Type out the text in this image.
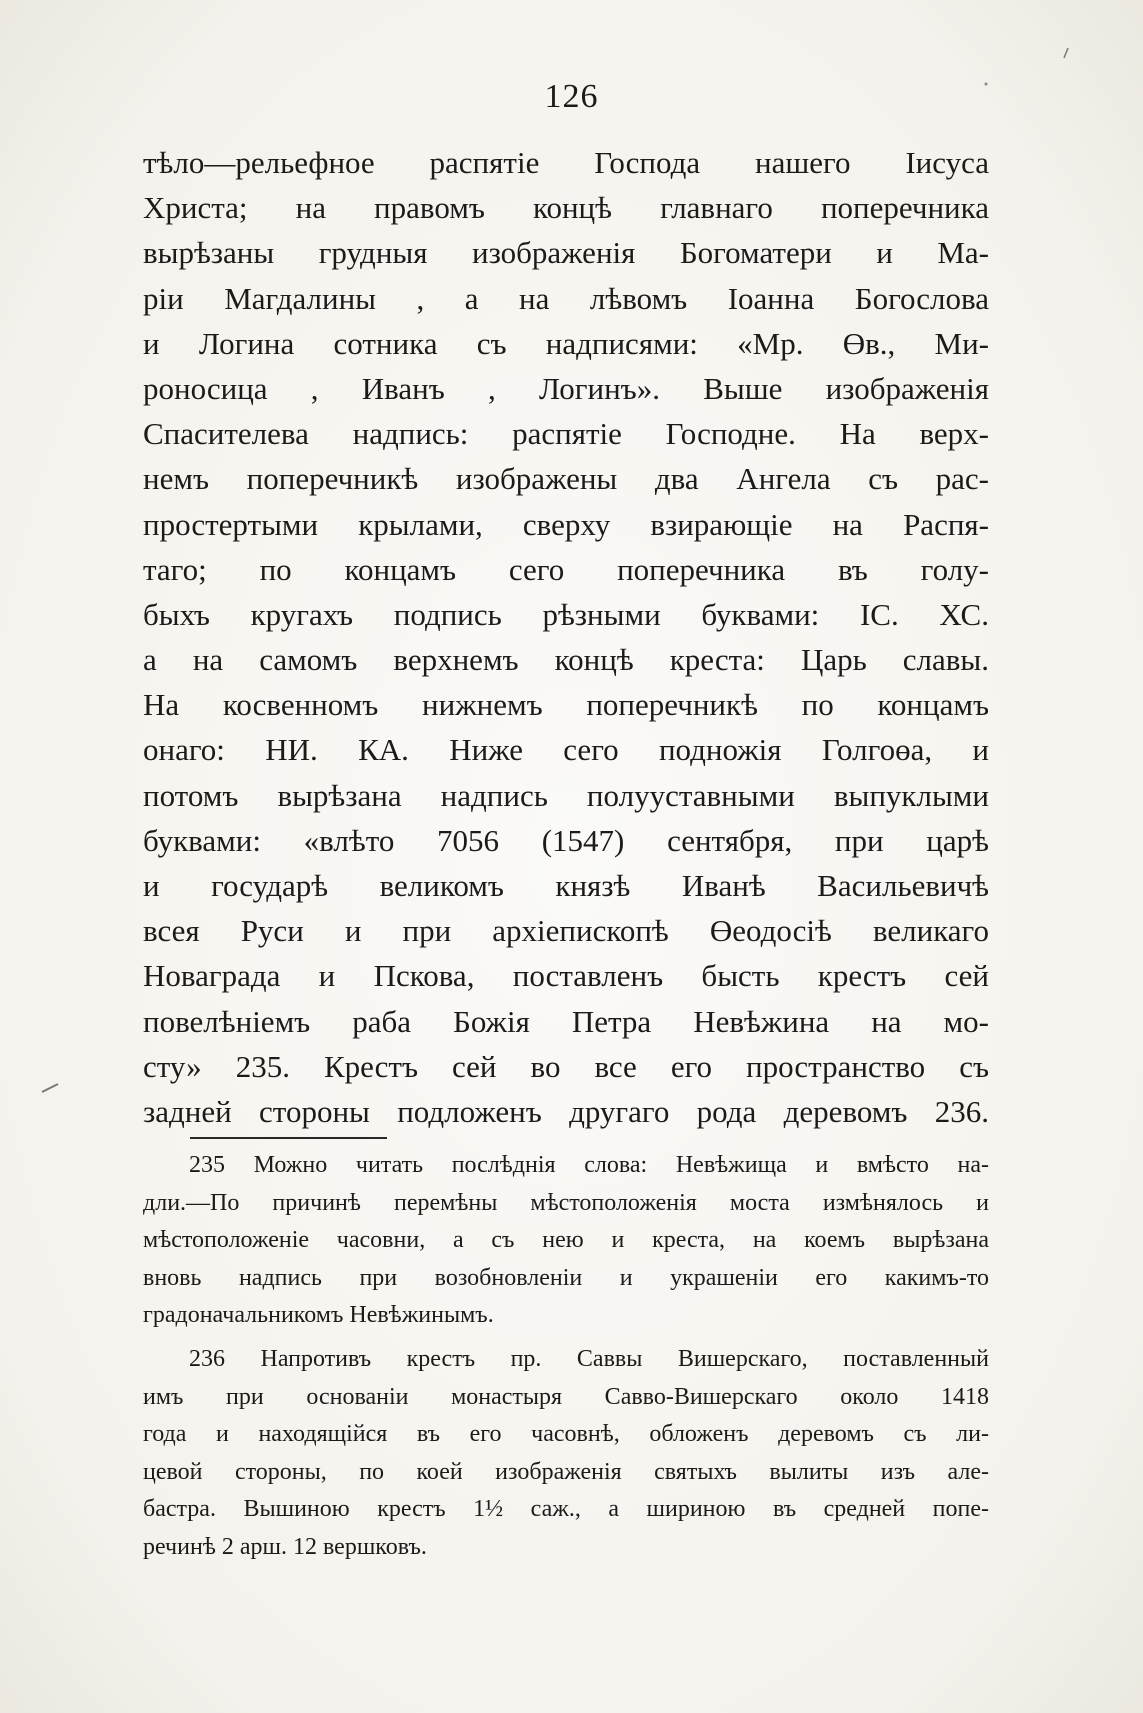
126
тѣло—рельефное распятіе Господа нашего Іисуса
Христа; на правомъ концѣ главнаго поперечника
вырѣзаны грудныя изображенія Богоматери и Ма-
ріи Магдалины , а на лѣвомъ Іоанна Богослова
и Логина сотника съ надписями: «Мр. Өв., Ми-
роносица , Иванъ , Логинъ». Выше изображенія
Спасителева надпись: распятіе Господне. На верх-
немъ поперечникѣ изображены два Ангела съ рас-
простертыми крылами, сверху взирающіе на Распя-
таго; по концамъ сего поперечника въ голу-
быхъ кругахъ подпись рѣзными буквами: ІС. ХС.
а на самомъ верхнемъ концѣ креста: Царь славы.
На косвенномъ нижнемъ поперечникѣ по концамъ
онаго: НИ. КА. Ниже сего подножія Голгоөа, и
потомъ вырѣзана надпись полууставными выпуклыми
буквами: «влѣто 7056 (1547) сентября, при царѣ
и государѣ великомъ князѣ Иванѣ Васильевичѣ
всея Руси и при архіепископѣ Өеодосіѣ великаго
Новаграда и Пскова, поставленъ бысть крестъ сей
повелѣніемъ раба Божія Петра Невѣжина на мо-
сту» 235. Крестъ сей во все его пространство съ
задней стороны подложенъ другаго рода деревомъ 236.
235 Можно читать послѣднія слова: Невѣжища и вмѣсто на-
дли.—По причинѣ перемѣны мѣстоположенія моста измѣнялось и
мѣстоположеніе часовни, а съ нею и креста, на коемъ вырѣзана
вновь надпись при возобновленіи и украшеніи его какимъ-то
градоначальникомъ Невѣжинымъ.
236 Напротивъ крестъ пр. Саввы Вишерскаго, поставленный
имъ при основаніи монастыря Савво-Вишерскаго около 1418
года и находящійся въ его часовнѣ, обложенъ деревомъ съ ли-
цевой стороны, по коей изображенія святыхъ вылиты изъ але-
бастра. Вышиною крестъ 1½ саж., а шириною въ средней попе-
речинѣ 2 арш. 12 вершковъ.
